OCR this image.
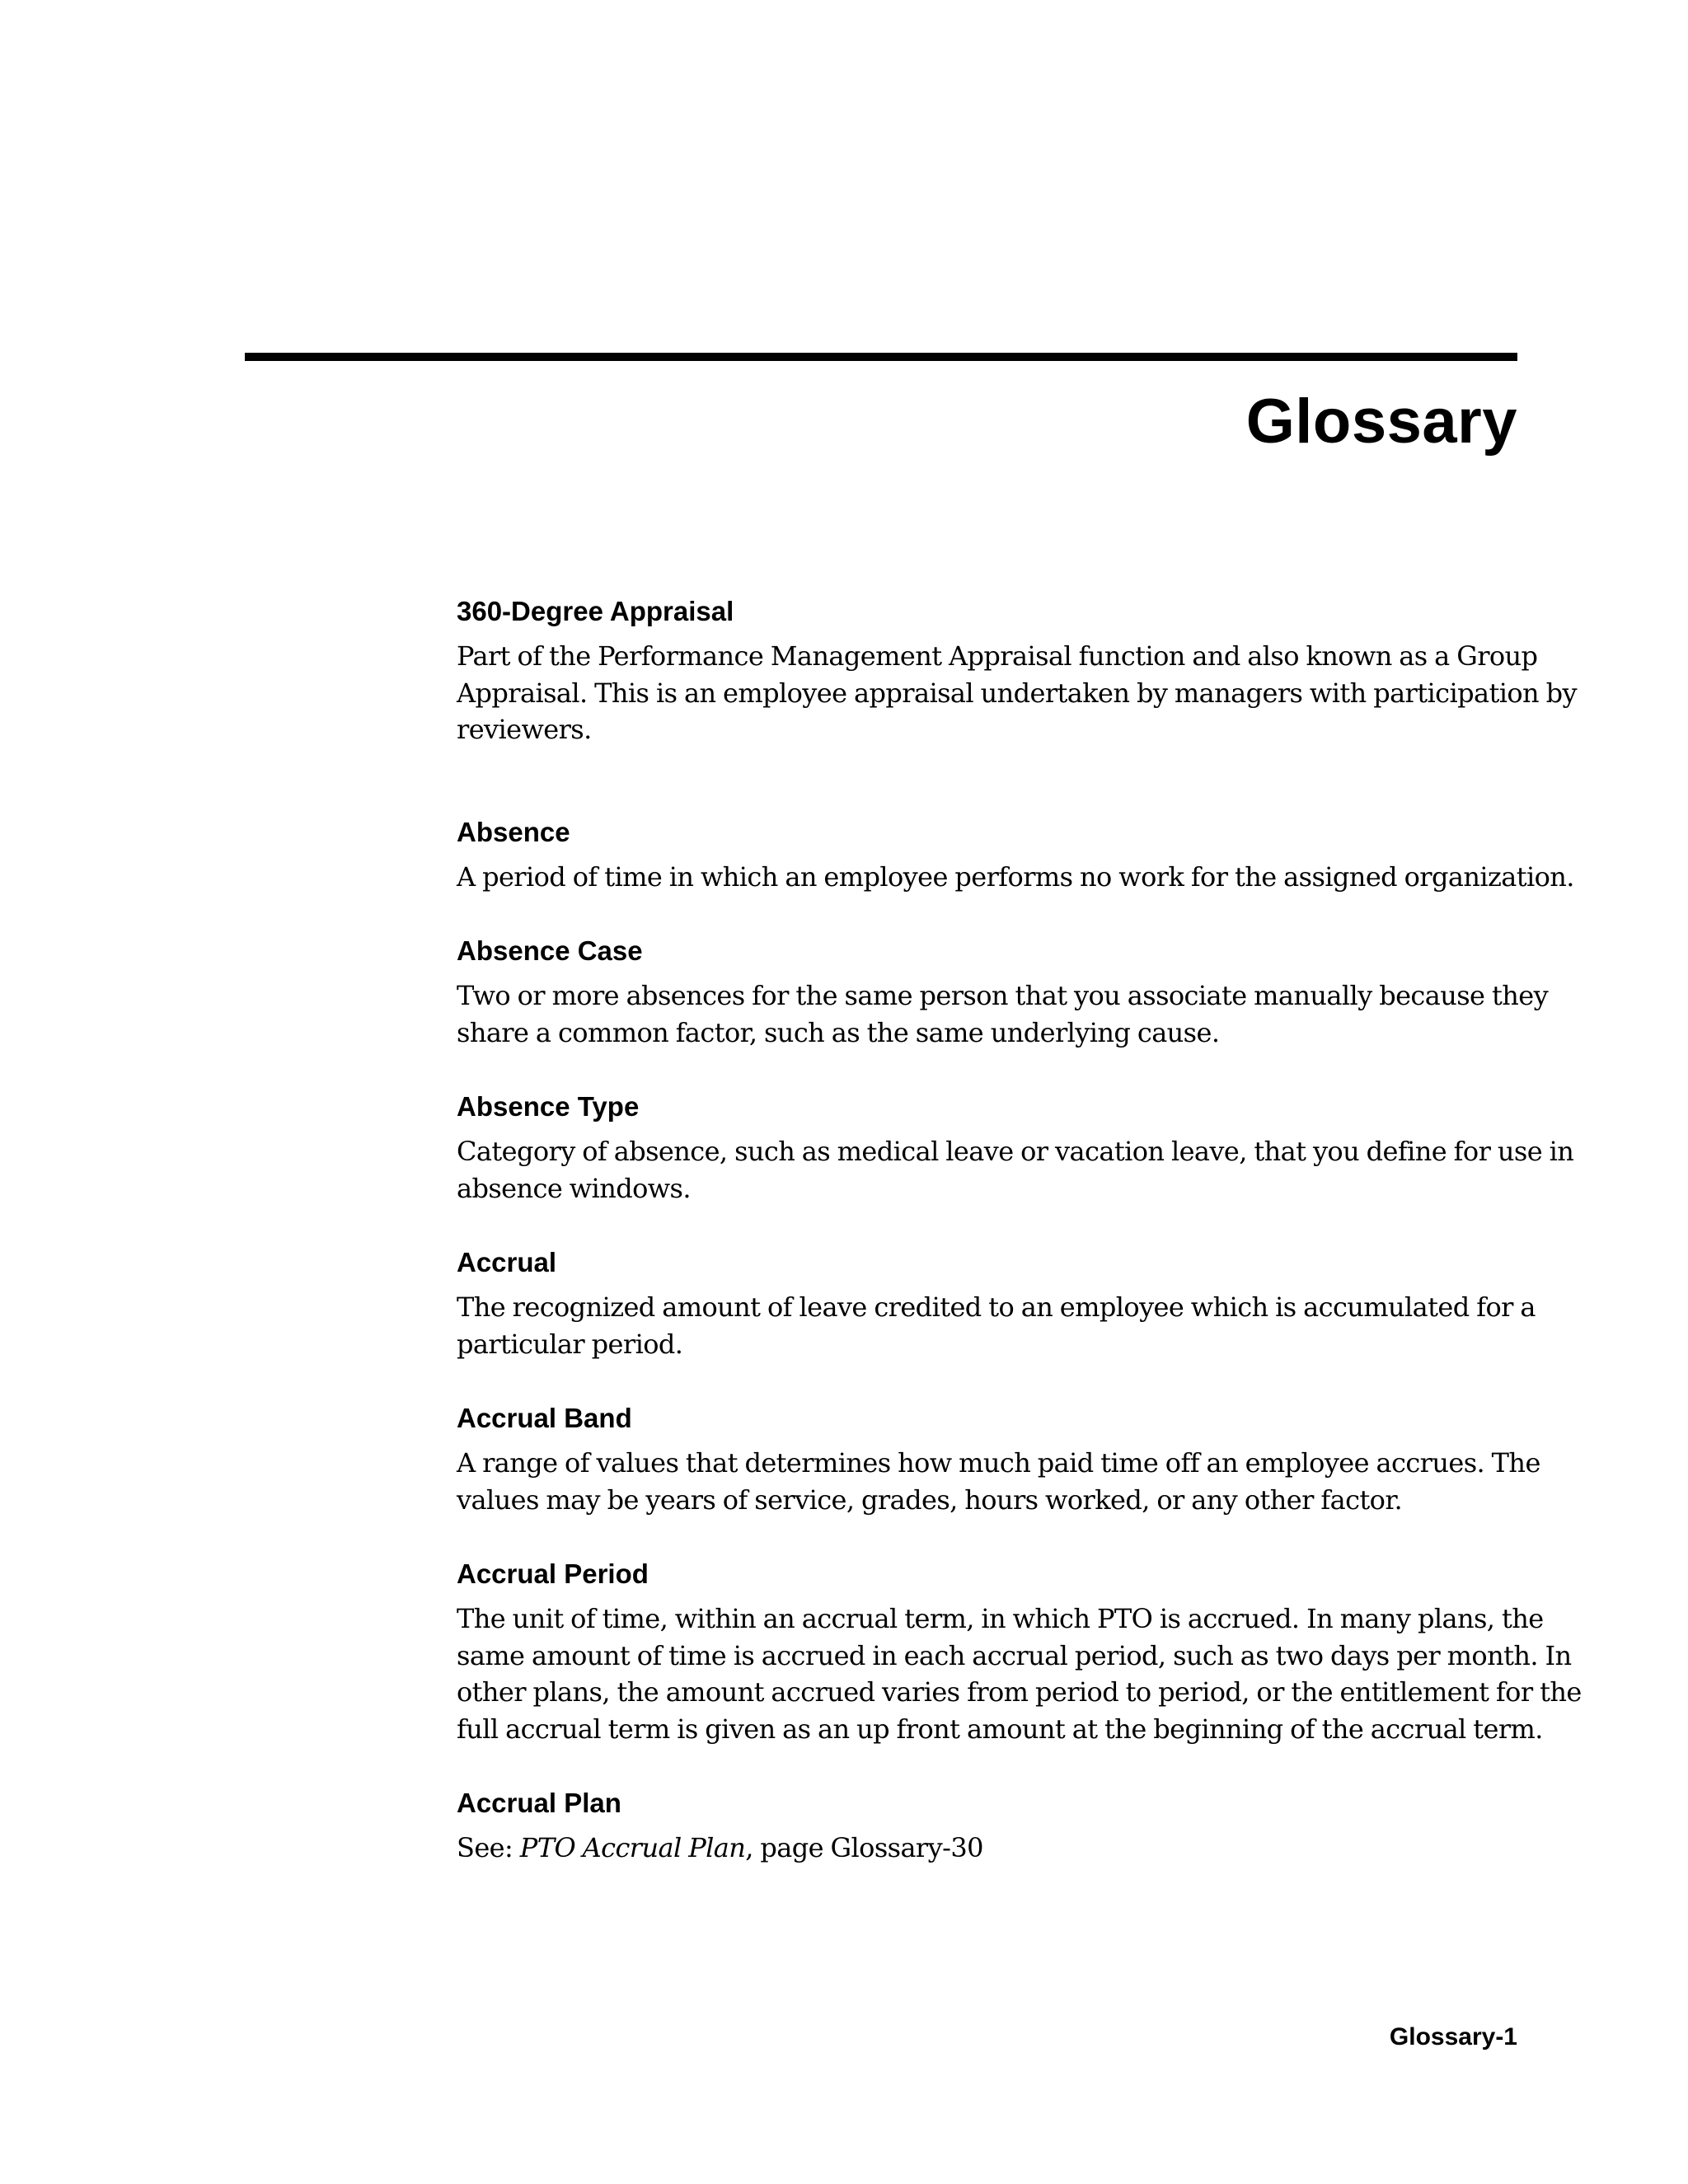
Glossary
360-Degree Appraisal
Part of the Performance Management Appraisal function and also known as a Group
Appraisal. This is an employee appraisal undertaken by managers with participation by
reviewers.
Absence
A period of time in which an employee performs no work for the assigned organization.
Absence Case
Two or more absences for the same person that you associate manually because they
share a common factor, such as the same underlying cause.
Absence Type
Category of absence, such as medical leave or vacation leave, that you define for use in
absence windows.
Accrual
The recognized amount of leave credited to an employee which is accumulated for a
particular period.
Accrual Band
A range of values that determines how much paid time off an employee accrues. The
values may be years of service, grades, hours worked, or any other factor.
Accrual Period
The unit of time, within an accrual term, in which PTO is accrued. In many plans, the
same amount of time is accrued in each accrual period, such as two days per month. In
other plans, the amount accrued varies from period to period, or the entitlement for the
full accrual term is given as an up front amount at the beginning of the accrual term.
Accrual Plan
See: PTO Accrual Plan, page Glossary-30
Glossary-1
